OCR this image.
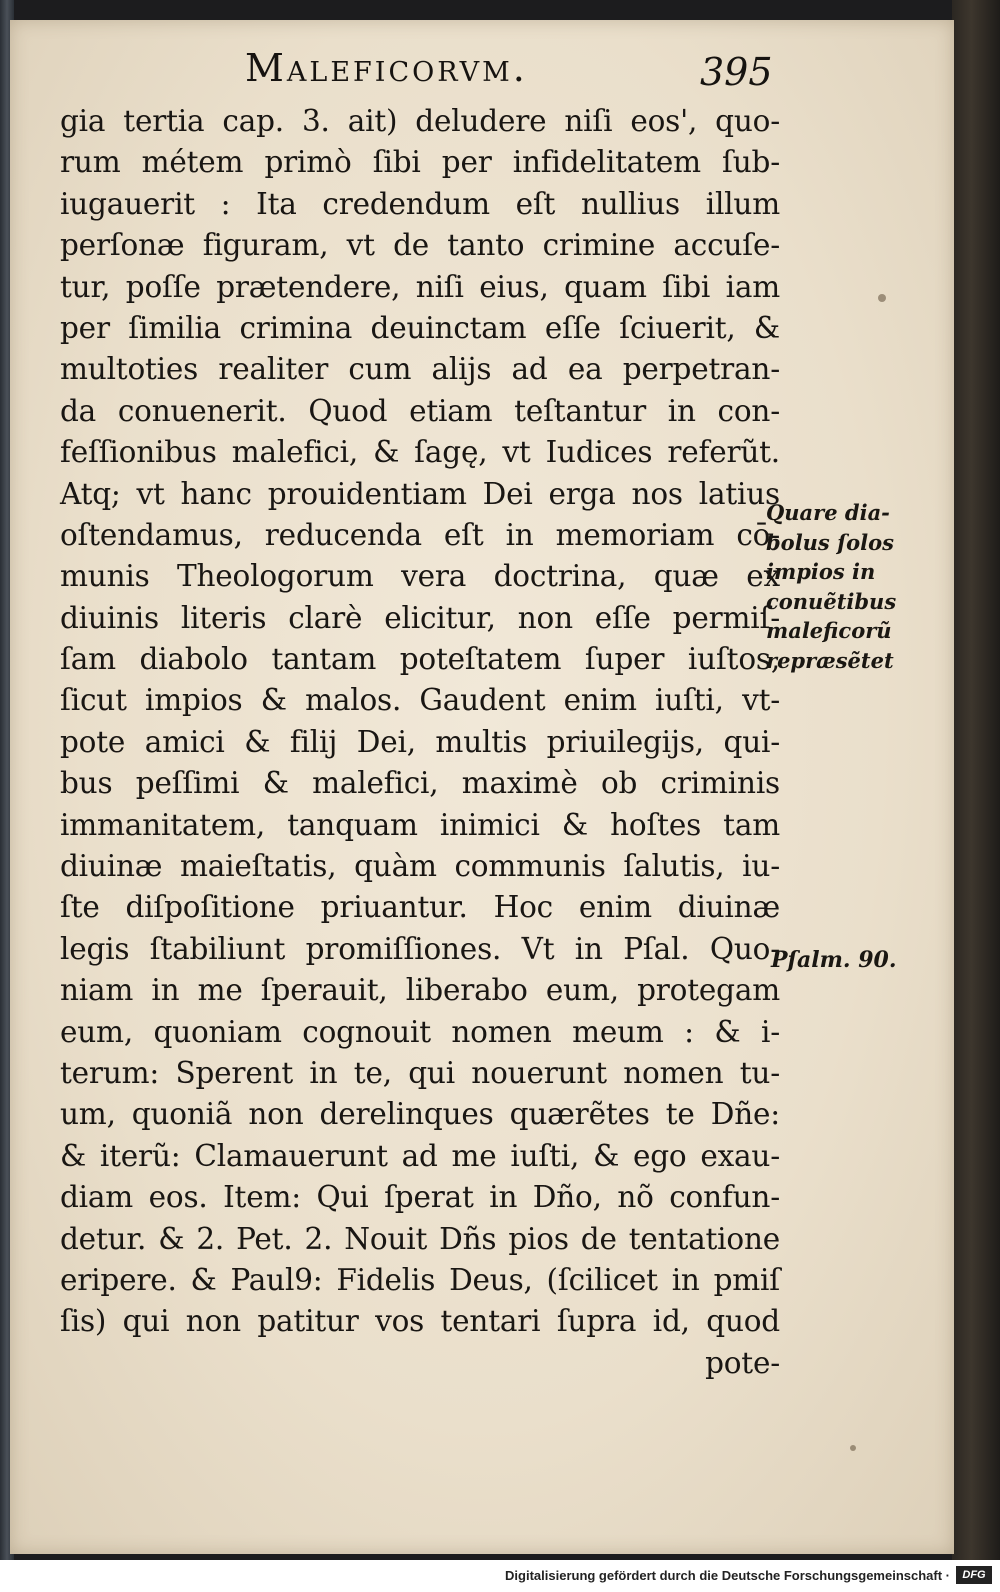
Maleficorvm.	395
gia tertia cap. 3. ait) deludere niſi eos', quo-
rum métem primò ſibi per infidelitatem ſub-
iugauerit : Ita credendum eſt nullius illum
perſonæ figuram, vt de tanto crimine accuſe-
tur, poſſe prætendere, niſi eius, quam ſibi iam
per ſimilia crimina deuinctam eſſe ſciuerit, &
multoties realiter cum alijs ad ea perpetran-
da conuenerit. Quod etiam teſtantur in con-
feſſionibus malefici, & ſagę, vt Iudices referũt.
Atq; vt hanc prouidentiam Dei erga nos latius
oſtendamus, reducenda eſt in memoriam cō-
munis Theologorum vera doctrina, quæ ex
diuinis literis clarè elicitur, non eſſe permiſ-
ſam diabolo tantam poteſtatem ſuper iuſtos,
ſicut impios & malos. Gaudent enim iuſti, vt-
pote amici & filij Dei, multis priuilegijs, qui-
bus peſſimi & malefici, maximè ob criminis
immanitatem, tanquam inimici & hoſtes tam
diuinæ maieſtatis, quàm communis ſalutis, iu-
ſte diſpoſitione priuantur. Hoc enim diuinæ
legis ſtabiliunt promiſſiones. Vt in Pſal. Quo-
niam in me ſperauit, liberabo eum, protegam
eum, quoniam cognouit nomen meum : & i-
terum: Sperent in te, qui nouerunt nomen tu-
um, quoniã non derelinques quærẽtes te Dñe:
& iterũ: Clamauerunt ad me iuſti, & ego exau-
diam eos. Item: Qui ſperat in Dño, nõ confun-
detur. & 2. Pet. 2. Nouit Dñs pios de tentatione
eripere. & Paul9: Fidelis Deus, (ſcilicet in pmiſ
ſis) qui non patitur vos tentari ſupra id, quod
pote-
Quare dia-
bolus ſolos
impios in
conuẽtibus
maleficorũ
repræsẽtet
Pſalm. 90.
Digitalisierung gefördert durch die Deutsche Forschungsgemeinschaft ·	DFG
